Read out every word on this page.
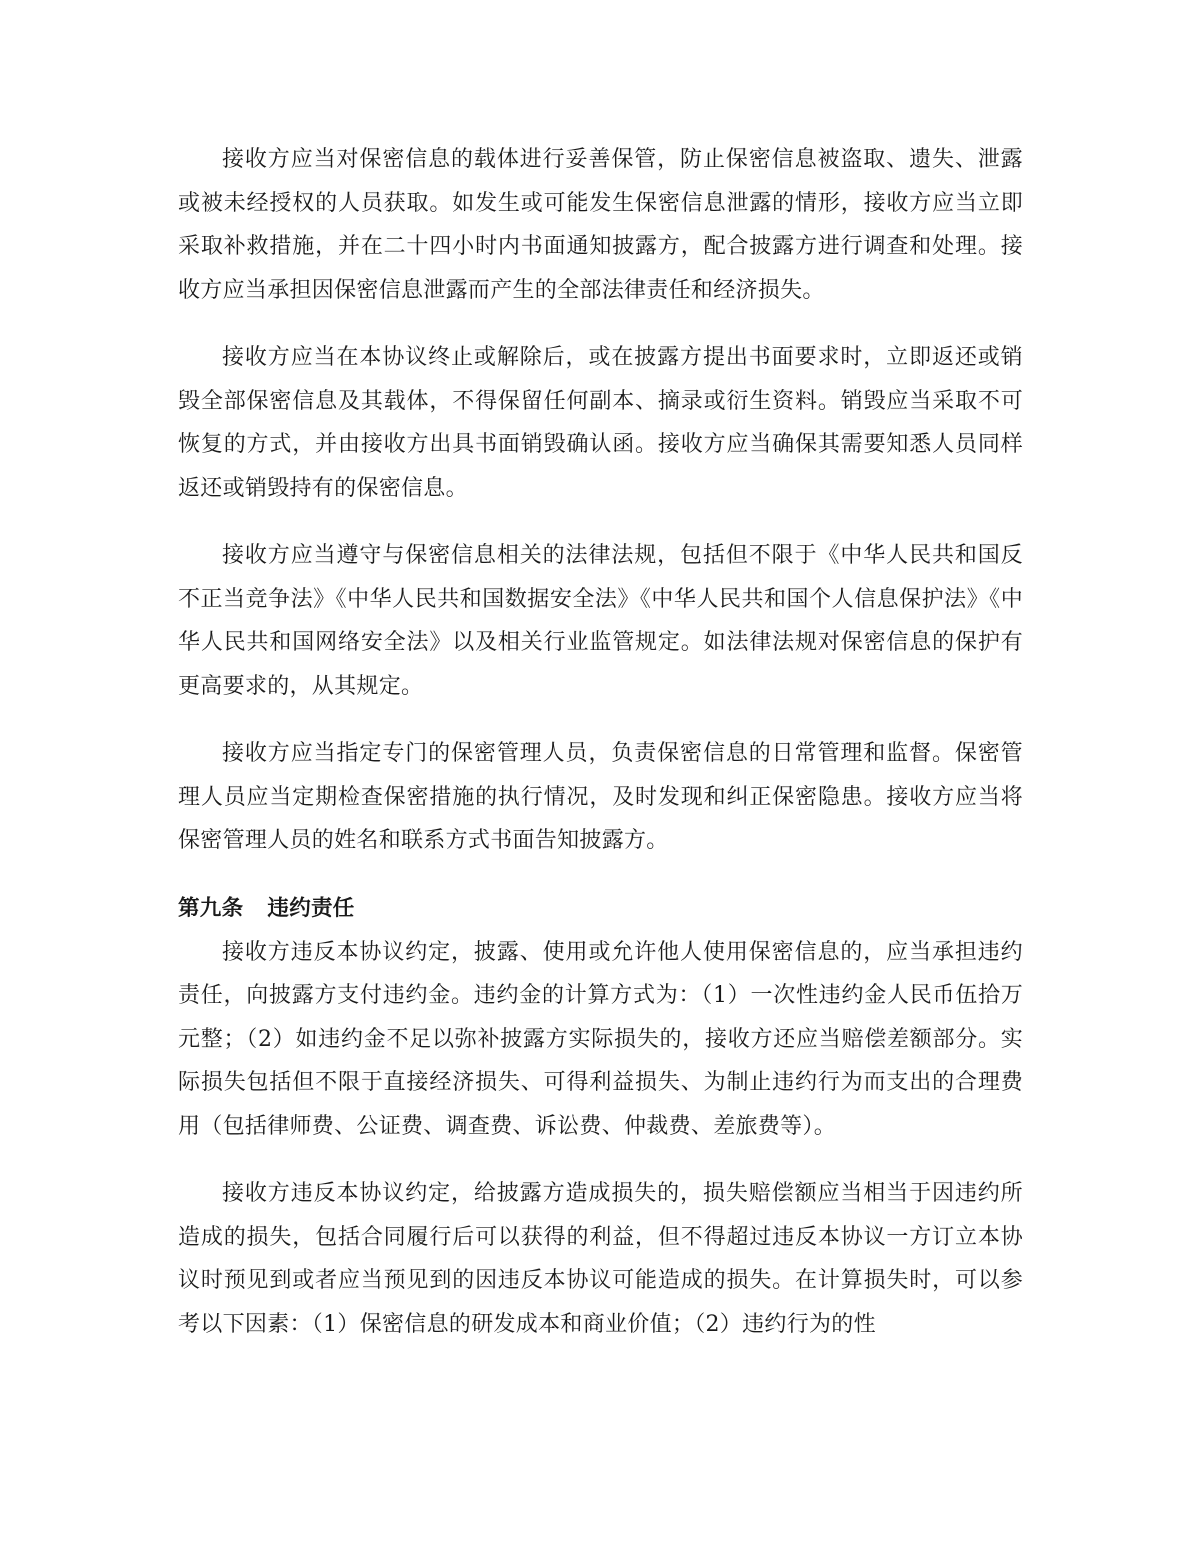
接收方应当对保密信息的载体进行妥善保管，防止保密信息被盗取、遗失、泄露或被未经授权的人员获取。如发生或可能发生保密信息泄露的情形，接收方应当立即采取补救措施，并在二十四小时内书面通知披露方，配合披露方进行调查和处理。接收方应当承担因保密信息泄露而产生的全部法律责任和经济损失。

接收方应当在本协议终止或解除后，或在披露方提出书面要求时，立即返还或销毁全部保密信息及其载体，不得保留任何副本、摘录或衍生资料。销毁应当采取不可恢复的方式，并由接收方出具书面销毁确认函。接收方应当确保其需要知悉人员同样返还或销毁持有的保密信息。

接收方应当遵守与保密信息相关的法律法规，包括但不限于《中华人民共和国反不正当竞争法》《中华人民共和国数据安全法》《中华人民共和国个人信息保护法》《中华人民共和国网络安全法》以及相关行业监管规定。如法律法规对保密信息的保护有更高要求的，从其规定。

接收方应当指定专门的保密管理人员，负责保密信息的日常管理和监督。保密管理人员应当定期检查保密措施的执行情况，及时发现和纠正保密隐患。接收方应当将保密管理人员的姓名和联系方式书面告知披露方。

第九条 违约责任

接收方违反本协议约定，披露、使用或允许他人使用保密信息的，应当承担违约责任，向披露方支付违约金。违约金的计算方式为：（1）一次性违约金人民币伍拾万元整；（2）如违约金不足以弥补披露方实际损失的，接收方还应当赔偿差额部分。实际损失包括但不限于直接经济损失、可得利益损失、为制止违约行为而支出的合理费用（包括律师费、公证费、调查费、诉讼费、仲裁费、差旅费等）。

接收方违反本协议约定，给披露方造成损失的，损失赔偿额应当相当于因违约所造成的损失，包括合同履行后可以获得的利益，但不得超过违反本协议一方订立本协议时预见到或者应当预见到的因违反本协议可能造成的损失。在计算损失时，可以参考以下因素：（1）保密信息的研发成本和商业价值；（2）违约行为的性
